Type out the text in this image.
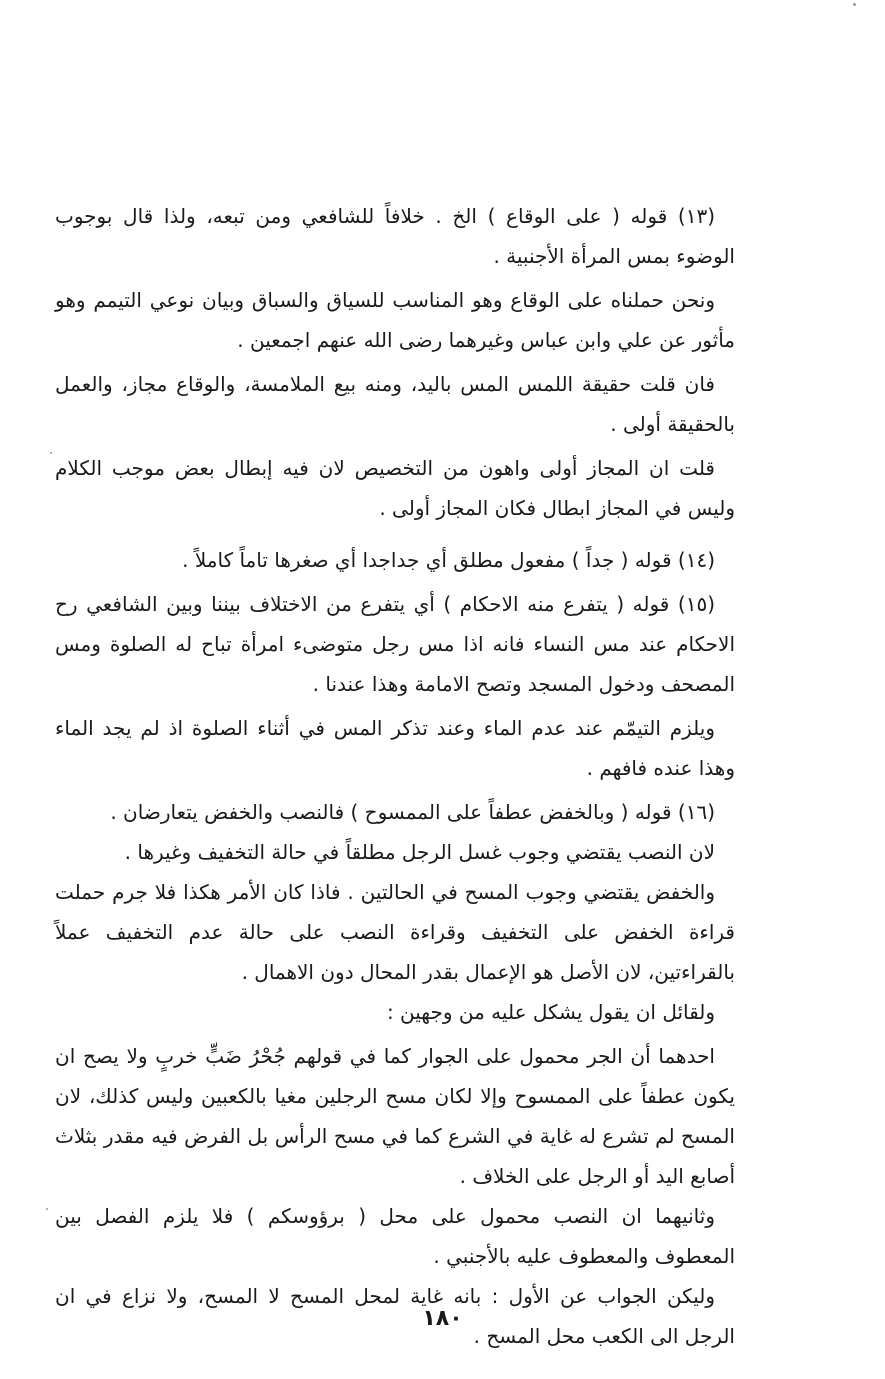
(١٣) قوله ( على الوقاع ) الخ . خلافاً للشافعي ومن تبعه، ولذا قال بوجوب الوضوء بمس المرأة الأجنبية .

ونحن حملناه على الوقاع وهو المناسب للسياق والسباق وبيان نوعي التيمم وهو مأثور عن علي وابن عباس وغيرهما رضى الله عنهم اجمعين .

فان قلت حقيقة اللمس المس باليد، ومنه بيع الملامسة، والوقاع مجاز، والعمل بالحقيقة أولى .

قلت ان المجاز أولى واهون من التخصيص لان فيه إبطال بعض موجب الكلام وليس في المجاز ابطال فكان المجاز أولى .

(١٤) قوله ( جداً ) مفعول مطلق أي جداجدا أي صغرها تاماً كاملاً .

(١٥) قوله ( يتفرع منه الاحكام ) أي يتفرع من الاختلاف بيننا وبين الشافعي رح الاحكام عند مس النساء فانه اذا مس رجل متوضىء امرأة تباح له الصلوة ومس المصحف ودخول المسجد وتصح الامامة وهذا عندنا .

ويلزم التيمّم عند عدم الماء وعند تذكر المس في أثناء الصلوة اذ لم يجد الماء وهذا عنده فافهم .

(١٦) قوله ( وبالخفض عطفاً على الممسوح ) فالنصب والخفض يتعارضان .

لان النصب يقتضي وجوب غسل الرجل مطلقاً في حالة التخفيف وغيرها .

والخفض يقتضي وجوب المسح في الحالتين . فاذا كان الأمر هكذا فلا جرم حملت قراءة الخفض على التخفيف وقراءة النصب على حالة عدم التخفيف عملاً بالقراءتين، لان الأصل هو الإعمال بقدر المحال دون الاهمال .

ولقائل ان يقول يشكل عليه من وجهين :

احدهما أن الجر محمول على الجوار كما في قولهم جُحْرُ ضَبٍّ خربٍ ولا يصح ان يكون عطفاً على الممسوح وإلا لكان مسح الرجلين مغيا بالكعبين وليس كذلك، لان المسح لم تشرع له غاية في الشرع كما في مسح الرأس بل الفرض فيه مقدر بثلاث أصابع اليد أو الرجل على الخلاف .

وثانيهما ان النصب محمول على محل ( برؤوسكم ) فلا يلزم الفصل بين المعطوف والمعطوف عليه بالأجنبي .

وليكن الجواب عن الأول : بانه غاية لمحل المسح لا المسح، ولا نزاع في ان الرجل الى الكعب محل المسح .

١٨٠
